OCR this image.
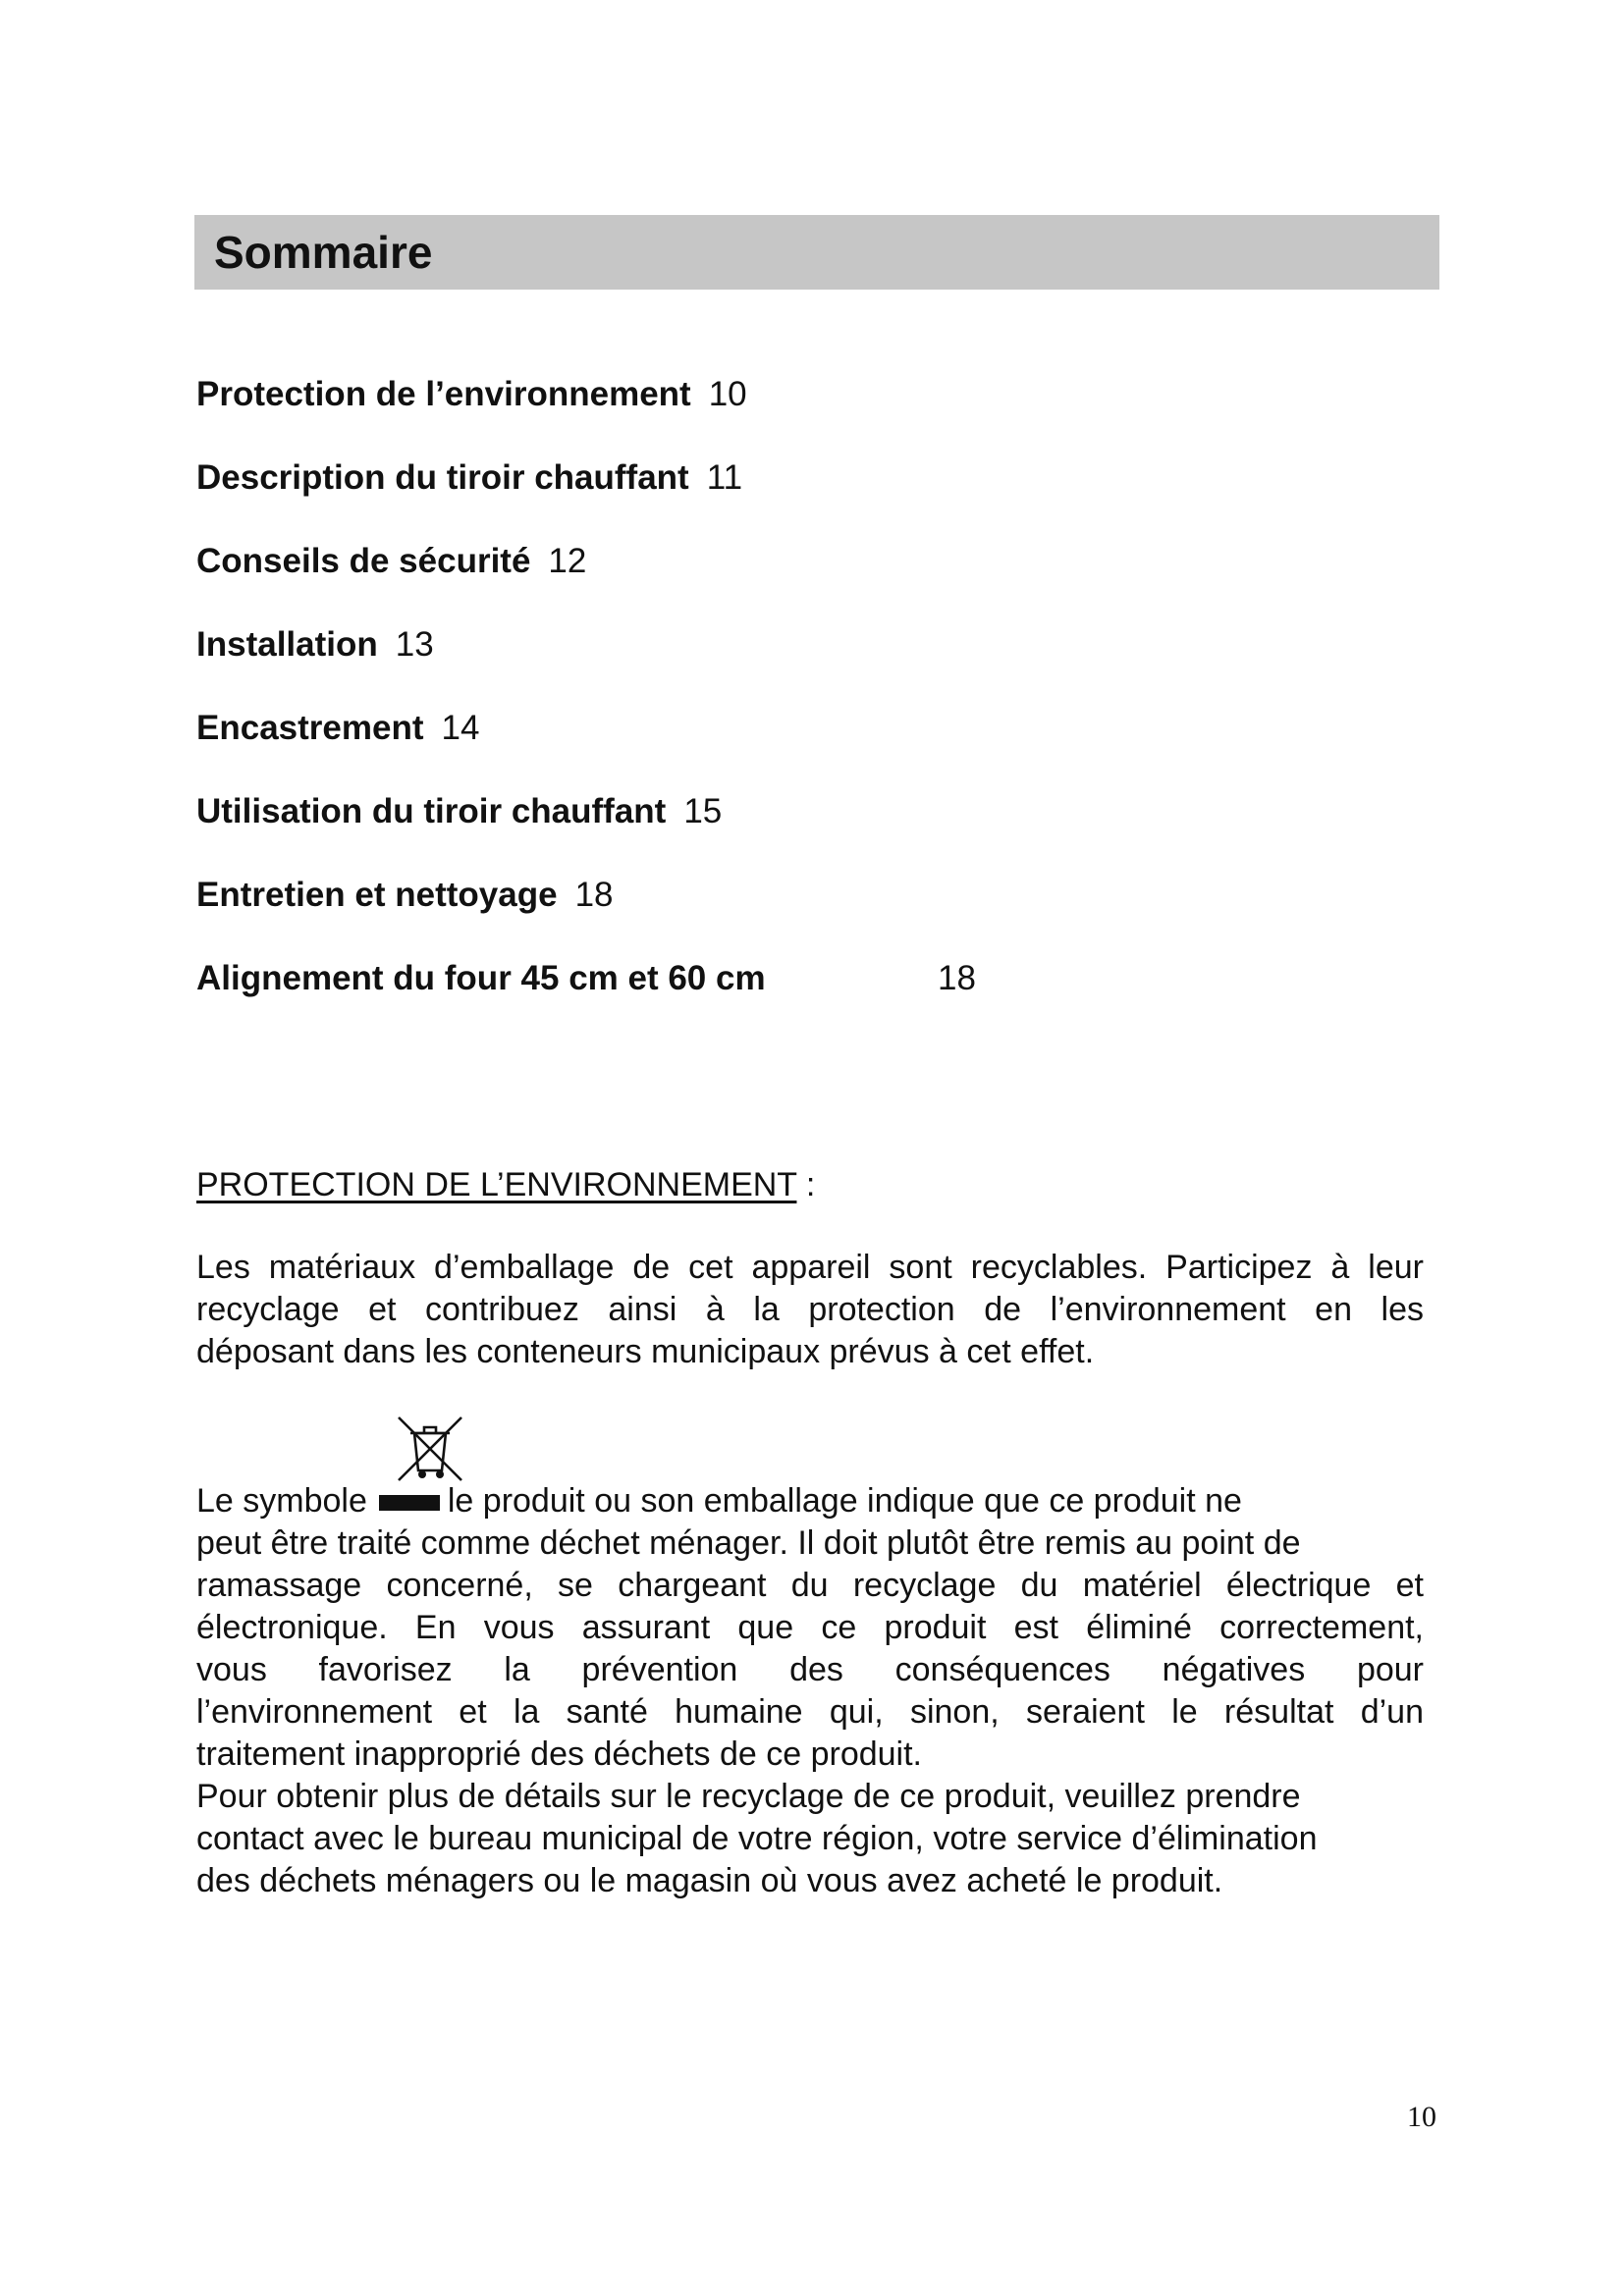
Sommaire
Protection de l’environnement 10
Description du tiroir chauffant 11
Conseils de sécurité 12
Installation 13
Encastrement 14
Utilisation du tiroir chauffant 15
Entretien et nettoyage 18
Alignement du four 45 cm et 60 cm	18
PROTECTION DE L’ENVIRONNEMENT :
Les matériaux d’emballage de cet appareil sont recyclables. Participez à leur
recyclage et contribuez ainsi à la protection de l’environnement en les
déposant dans les conteneurs municipaux prévus à cet effet.
Le symbole le produit ou son emballage indique que ce produit ne
peut être traité comme déchet ménager. Il doit plutôt être remis au point de
ramassage concerné, se chargeant du recyclage du matériel électrique et
électronique. En vous assurant que ce produit est éliminé correctement,
vous favorisez la prévention des conséquences négatives pour
l’environnement et la santé humaine qui, sinon, seraient le résultat d’un
traitement inapproprié des déchets de ce produit.
Pour obtenir plus de détails sur le recyclage de ce produit, veuillez prendre
contact avec le bureau municipal de votre région, votre service d’élimination
des déchets ménagers ou le magasin où vous avez acheté le produit.
10
